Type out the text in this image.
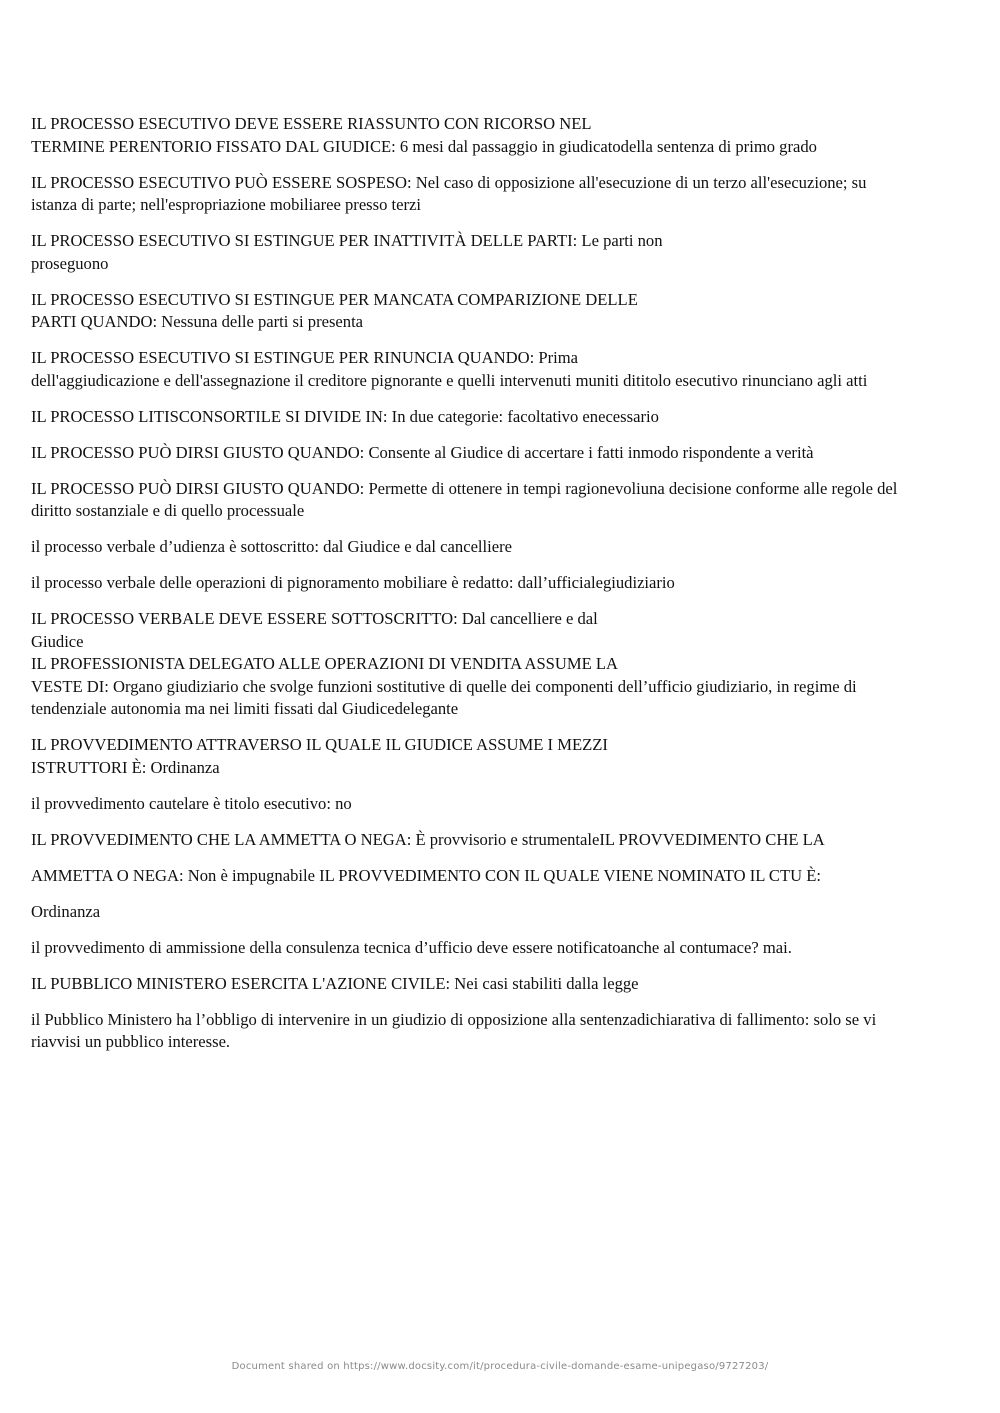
IL PROCESSO ESECUTIVO DEVE ESSERE RIASSUNTO CON RICORSO NEL
TERMINE PERENTORIO FISSATO DAL GIUDICE: 6 mesi dal passaggio in giudicatodella sentenza di primo grado
IL PROCESSO ESECUTIVO PUÒ ESSERE SOSPESO: Nel caso di opposizione all'esecuzione di un terzo all'esecuzione; su
istanza di parte; nell'espropriazione mobiliaree presso terzi
IL PROCESSO ESECUTIVO SI ESTINGUE PER INATTIVITÀ DELLE PARTI: Le parti non
proseguono
IL PROCESSO ESECUTIVO SI ESTINGUE PER MANCATA COMPARIZIONE DELLE
PARTI QUANDO: Nessuna delle parti si presenta
IL PROCESSO ESECUTIVO SI ESTINGUE PER RINUNCIA QUANDO: Prima
dell'aggiudicazione e dell'assegnazione il creditore pignorante e quelli intervenuti muniti dititolo esecutivo rinunciano agli atti
IL PROCESSO LITISCONSORTILE SI DIVIDE IN: In due categorie: facoltativo enecessario
IL PROCESSO PUÒ DIRSI GIUSTO QUANDO: Consente al Giudice di accertare i fatti inmodo rispondente a verità
IL PROCESSO PUÒ DIRSI GIUSTO QUANDO: Permette di ottenere in tempi ragionevoliuna decisione conforme alle regole del
diritto sostanziale e di quello processuale
il processo verbale d’udienza è sottoscritto: dal Giudice e dal cancelliere
il processo verbale delle operazioni di pignoramento mobiliare è redatto: dall’ufficialegiudiziario
IL PROCESSO VERBALE DEVE ESSERE SOTTOSCRITTO: Dal cancelliere e dal
Giudice
IL PROFESSIONISTA DELEGATO ALLE OPERAZIONI DI VENDITA ASSUME LA
VESTE DI: Organo giudiziario che svolge funzioni sostitutive di quelle dei componenti dell’ufficio giudiziario, in regime di
tendenziale autonomia ma nei limiti fissati dal Giudicedelegante
IL PROVVEDIMENTO ATTRAVERSO IL QUALE IL GIUDICE ASSUME I MEZZI
ISTRUTTORI È: Ordinanza
il provvedimento cautelare è titolo esecutivo: no
IL PROVVEDIMENTO CHE LA AMMETTA O NEGA: È provvisorio e strumentaleIL PROVVEDIMENTO CHE LA
AMMETTA O NEGA: Non è impugnabile IL PROVVEDIMENTO CON IL QUALE VIENE NOMINATO IL CTU È:
Ordinanza
il provvedimento di ammissione della consulenza tecnica d’ufficio deve essere notificatoanche al contumace? mai.
IL PUBBLICO MINISTERO ESERCITA L'AZIONE CIVILE: Nei casi stabiliti dalla legge
il Pubblico Ministero ha l’obbligo di intervenire in un giudizio di opposizione alla sentenzadichiarativa di fallimento: solo se vi
riavvisi un pubblico interesse.
Document shared on https://www.docsity.com/it/procedura-civile-domande-esame-unipegaso/9727203/
